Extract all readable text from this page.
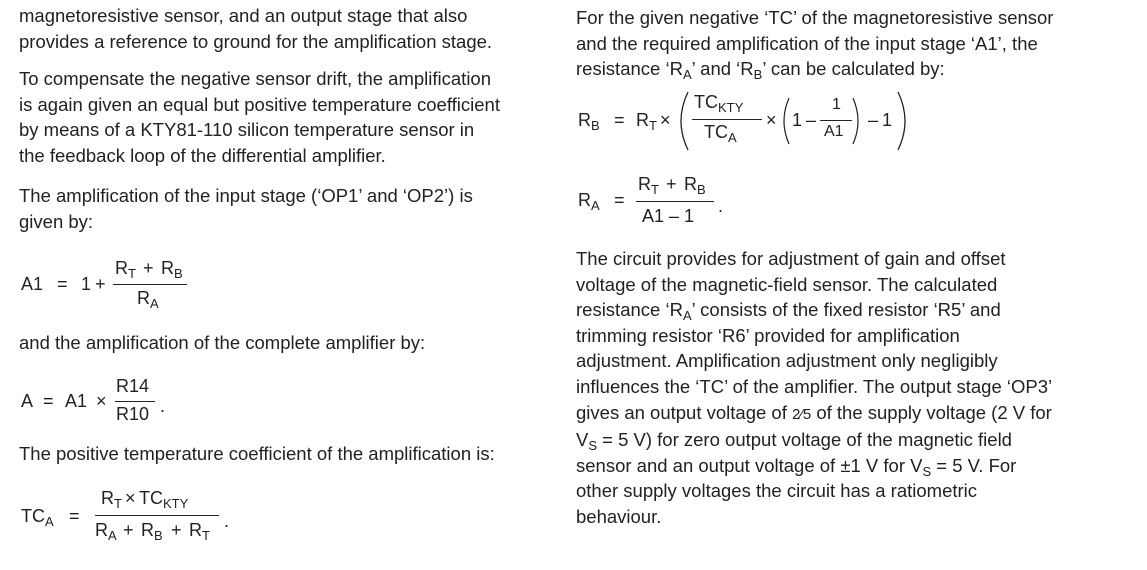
magnetoresistive sensor, and an output stage that also
provides a reference to ground for the amplification stage.
To compensate the negative sensor drift, the amplification
is again given an equal but positive temperature coefficient
by means of a KTY81-110 silicon temperature sensor in
the feedback loop of the differential amplifier.
The amplification of the input stage (‘OP1’ and ‘OP2’) is
given by:
A1 = 1 +
$R_T + R_B$
$R_A$
and the amplification of the complete amplifier by:
A = A1 ×
R14
R10 .
The positive temperature coefficient of the amplification is:
$TC_A$ =
$R_T \times TC_{KTY}$
$R_A + R_B + R_T$
.
For the given negative ‘TC’ of the magnetoresistive sensor
and the required amplification of the input stage ‘A1’, the
resistance ‘$R_A$’ and ‘$R_B$’ can be calculated by:
$R_B = R_T$ ×
$TC_{KTY}$
$TC_A$
× 1 –
1
A1
– 1
$R_A$ =
$R_T + R_B$
A1 – 1 .
The circuit provides for adjustment of gain and offset
voltage of the magnetic-field sensor. The calculated
resistance ‘$R_A$’ consists of the fixed resistor ‘R5’ and
trimming resistor ‘R6’ provided for amplification
adjustment. Amplification adjustment only negligibly
influences the ‘TC’ of the amplifier. The output stage ‘OP3’
gives an output voltage of 2⁄5 of the supply voltage (2 V for
$V_S = 5$ V) for zero output voltage of the magnetic field
sensor and an output voltage of ±1 V for $V_S = 5$ V. For
other supply voltages the circuit has a ratiometric
behaviour.
